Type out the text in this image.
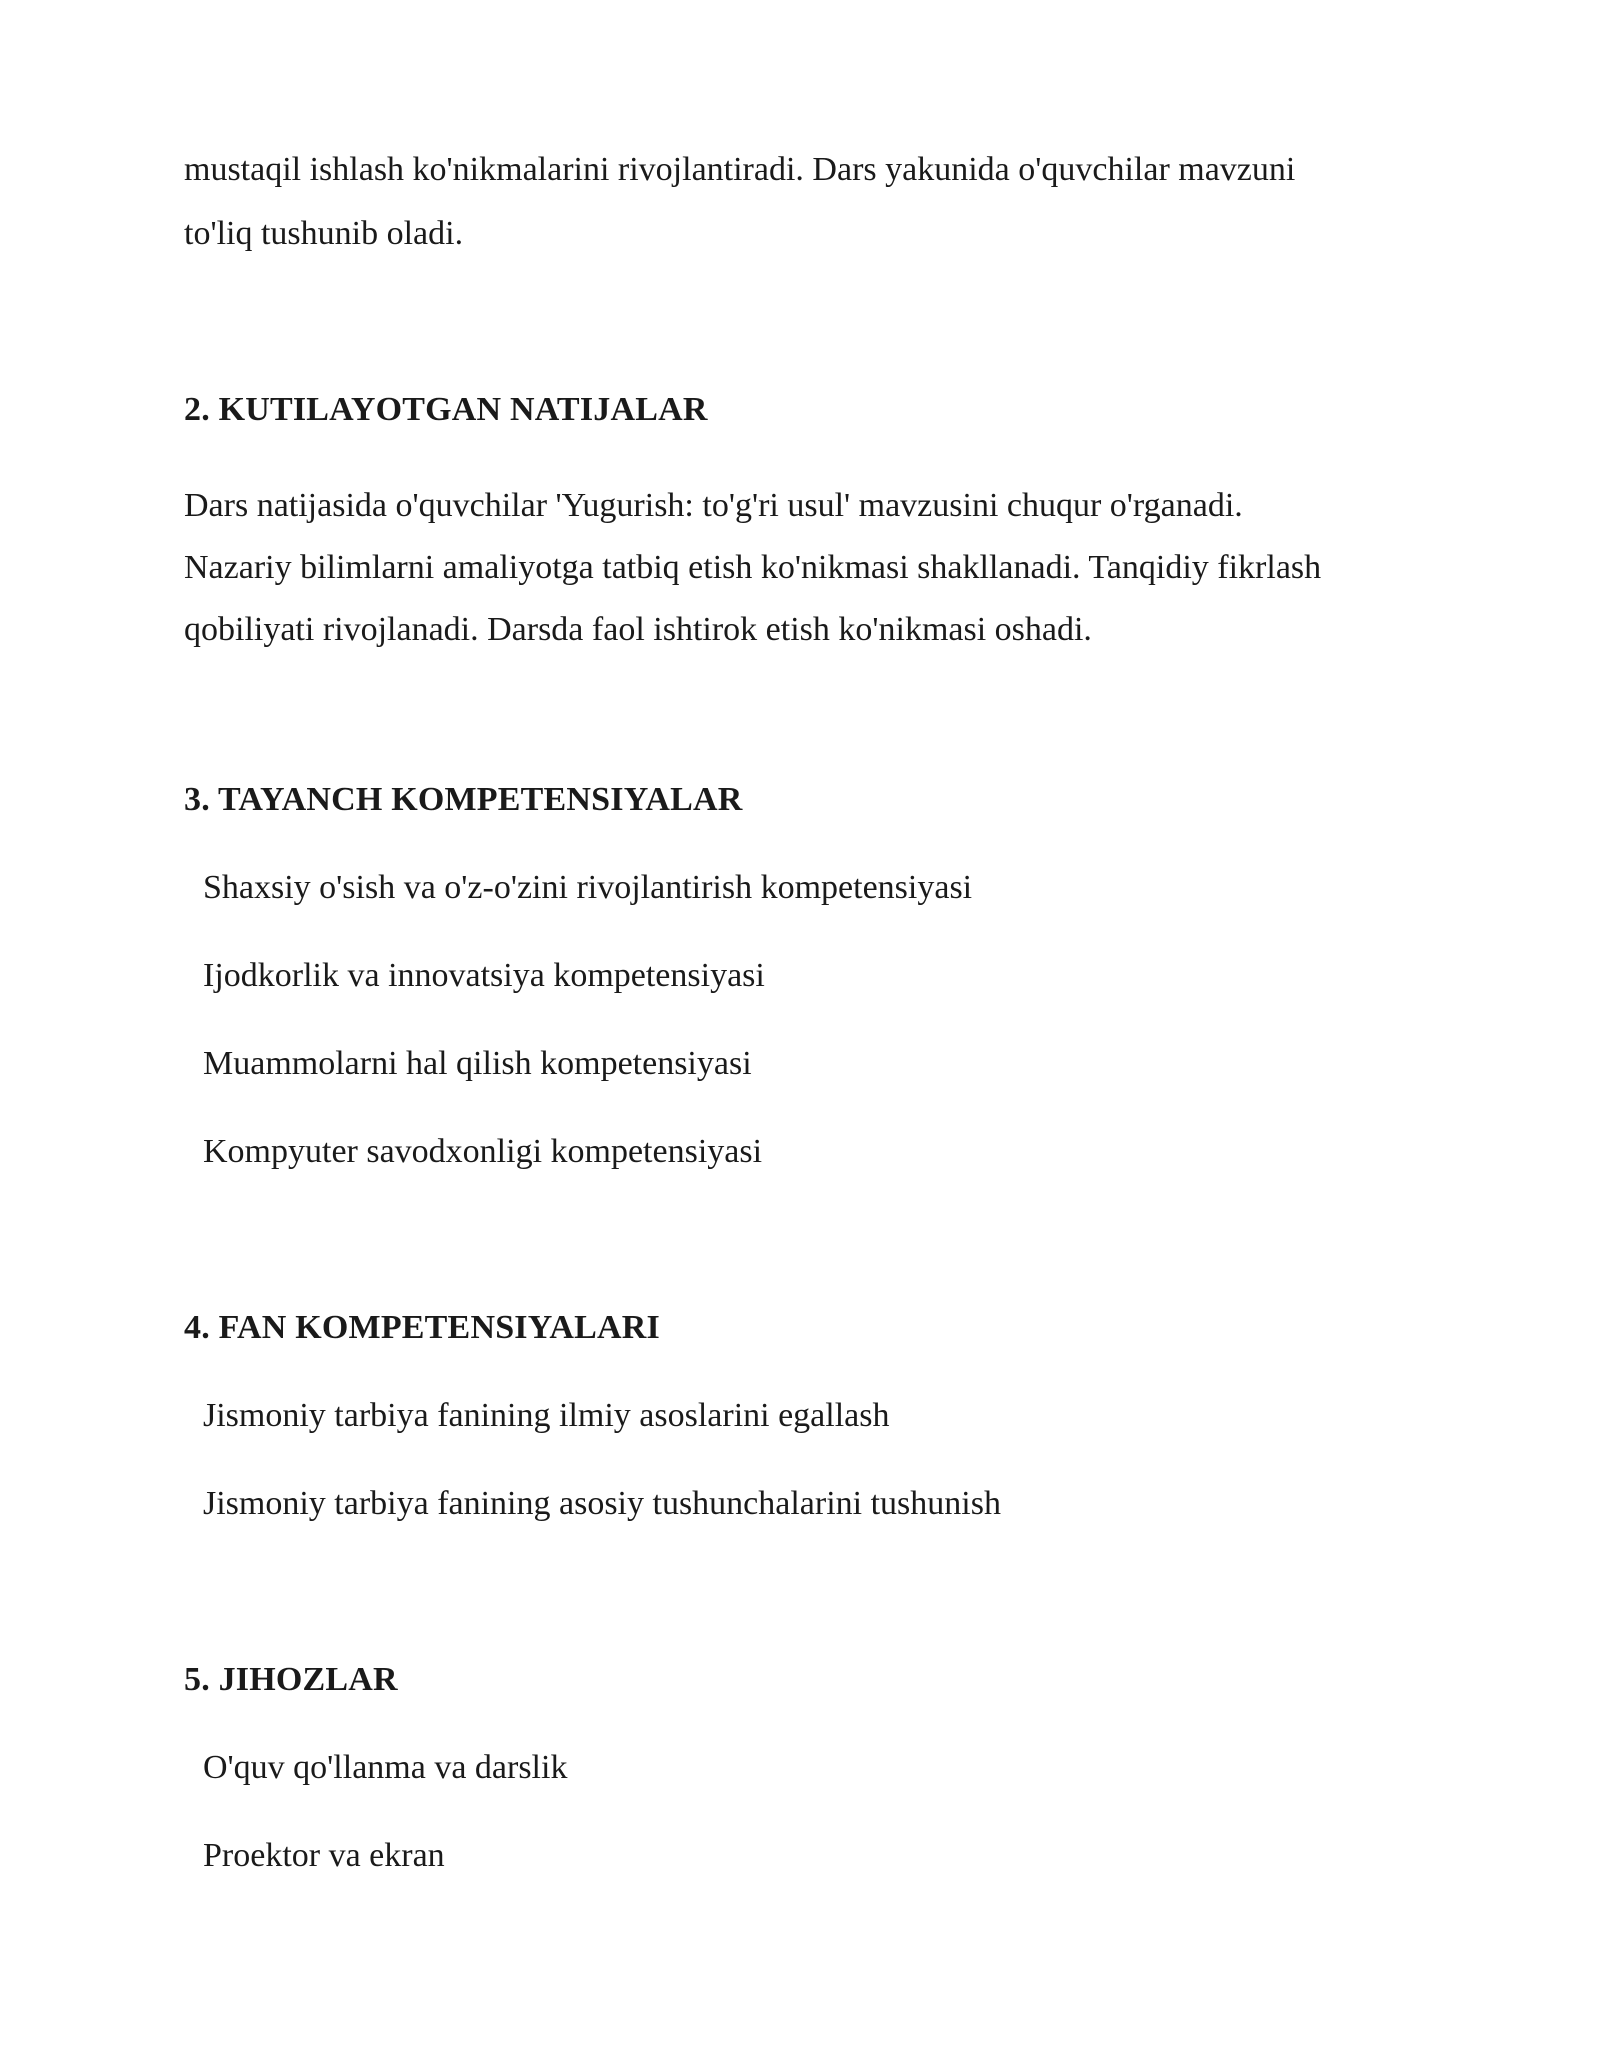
mustaqil ishlash ko'nikmalarini rivojlantiradi. Dars yakunida o'quvchilar mavzuni

to'liq tushunib oladi.

2. KUTILAYOTGAN NATIJALAR

Dars natijasida o'quvchilar 'Yugurish: to'g'ri usul' mavzusini chuqur o'rganadi.

Nazariy bilimlarni amaliyotga tatbiq etish ko'nikmasi shakllanadi. Tanqidiy fikrlash

qobiliyati rivojlanadi. Darsda faol ishtirok etish ko'nikmasi oshadi.

3. TAYANCH KOMPETENSIYALAR

Shaxsiy o'sish va o'z-o'zini rivojlantirish kompetensiyasi

Ijodkorlik va innovatsiya kompetensiyasi

Muammolarni hal qilish kompetensiyasi

Kompyuter savodxonligi kompetensiyasi

4. FAN KOMPETENSIYALARI

Jismoniy tarbiya fanining ilmiy asoslarini egallash

Jismoniy tarbiya fanining asosiy tushunchalarini tushunish

5. JIHOZLAR

O'quv qo'llanma va darslik

Proektor va ekran
